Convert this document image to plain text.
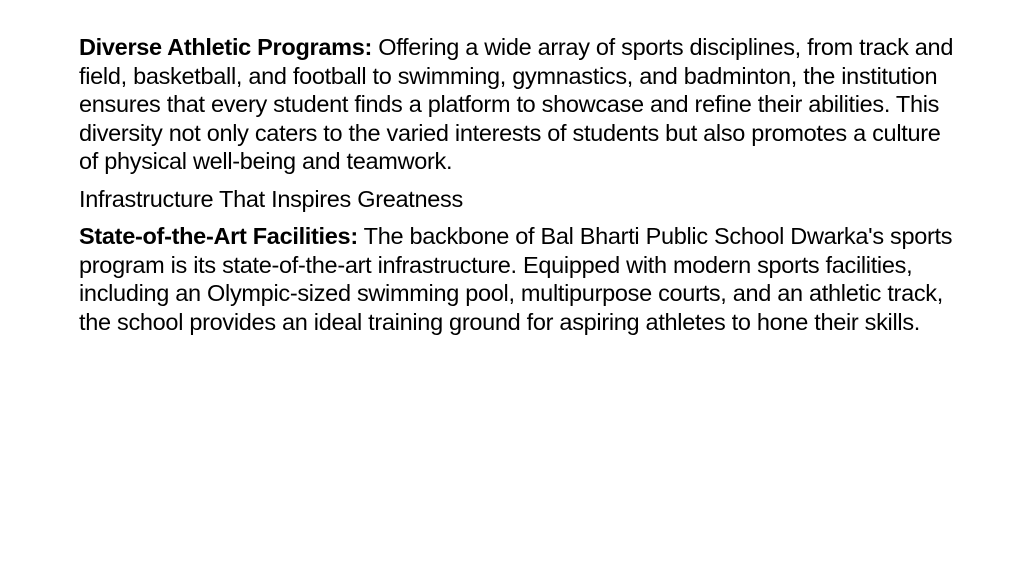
Diverse Athletic Programs: Offering a wide array of sports disciplines, from track and field, basketball, and football to swimming, gymnastics, and badminton, the institution ensures that every student finds a platform to showcase and refine their abilities. This diversity not only caters to the varied interests of students but also promotes a culture of physical well-being and teamwork.

Infrastructure That Inspires Greatness

State-of-the-Art Facilities: The backbone of Bal Bharti Public School Dwarka's sports program is its state-of-the-art infrastructure. Equipped with modern sports facilities, including an Olympic-sized swimming pool, multipurpose courts, and an athletic track, the school provides an ideal training ground for aspiring athletes to hone their skills.
